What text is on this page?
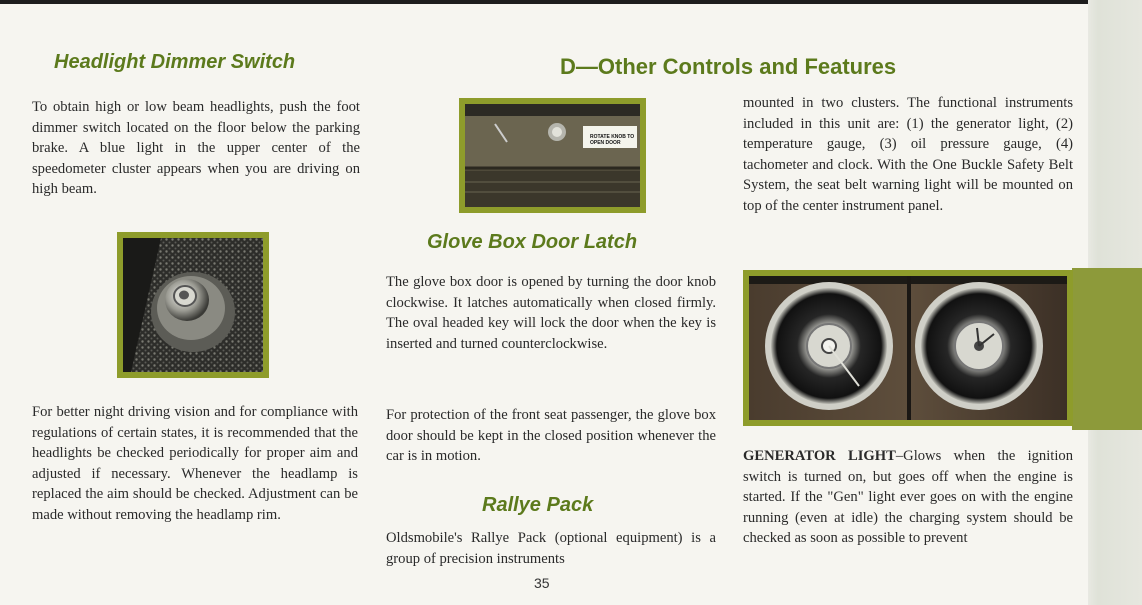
Headlight Dimmer Switch

To obtain high or low beam headlights, push the foot dimmer switch located on the floor below the parking brake. A blue light in the upper center of the speedometer cluster appears when you are driving on high beam.

For better night driving vision and for compliance with regulations of certain states, it is recommended that the headlights be checked periodically for proper aim and adjusted if necessary. Whenever the headlamp is replaced the aim should be checked. Adjustment can be made without removing the headlamp rim.

D—Other Controls and Features
ROTATE KNOB TO OPEN DOOR
Glove Box Door Latch

The glove box door is opened by turning the door knob clockwise. It latches automatically when closed firmly. The oval headed key will lock the door when the key is inserted and turned counterclockwise.

For protection of the front seat passenger, the glove box door should be kept in the closed position whenever the car is in motion.

Rallye Pack

Oldsmobile's Rallye Pack (optional equipment) is a group of precision instruments

35

mounted in two clusters. The functional instruments included in this unit are: (1) the generator light, (2) temperature gauge, (3) oil pressure gauge, (4) tachometer and clock. With the One Buckle Safety Belt System, the seat belt warning light will be mounted on top of the center instrument panel.

GENERATOR LIGHT–Glows when the ignition switch is turned on, but goes off when the engine is started. If the "Gen" light ever goes on with the engine running (even at idle) the charging system should be checked as soon as possible to prevent
